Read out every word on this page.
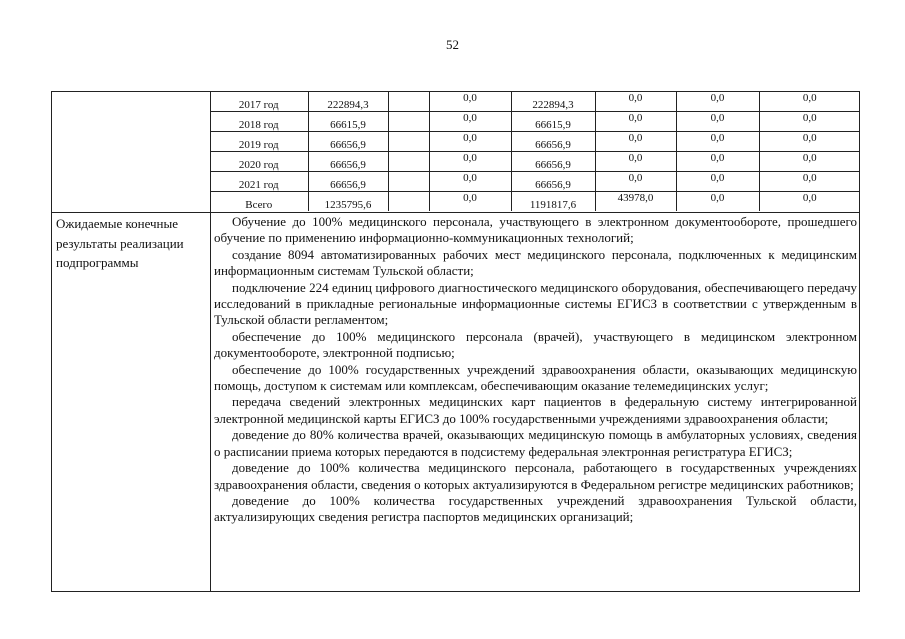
52
2017 год	222894,3		0,0	222894,3	0,0	0,0	0,0
2018 год	66615,9		0,0	66615,9	0,0	0,0	0,0
2019 год	66656,9		0,0	66656,9	0,0	0,0	0,0
2020 год	66656,9		0,0	66656,9	0,0	0,0	0,0
2021 год	66656,9		0,0	66656,9	0,0	0,0	0,0
Всего	1235795,6		0,0	1191817,6	43978,0	0,0	0,0
Ожидаемые конечные результаты реализации подпрограммы

Обучение до 100% медицинского персонала, участвующего в электронном документообороте, прошедшего обучение по применению информационно-коммуникационных технологий;

создание 8094 автоматизированных рабочих мест медицинского персонала, подключенных к медицинским информационным системам Тульской области;

подключение 224 единиц цифрового диагностического медицинского оборудования, обеспечивающего передачу исследований в прикладные региональные информационные системы ЕГИСЗ в соответствии с утвержденным в Тульской области регламентом;

обеспечение до 100% медицинского персонала (врачей), участвующего в медицинском электронном документообороте, электронной подписью;

обеспечение до 100% государственных учреждений здравоохранения области, оказывающих медицинскую помощь, доступом к системам или комплексам, обеспечивающим оказание телемедицинских услуг;

передача сведений электронных медицинских карт пациентов в федеральную систему интегрированной электронной медицинской карты ЕГИСЗ до 100% государственными учреждениями здравоохранения области;

доведение до 80% количества врачей, оказывающих медицинскую помощь в амбулаторных условиях, сведения о расписании приема которых передаются в подсистему федеральная электронная регистратура ЕГИСЗ;

доведение до 100% количества медицинского персонала, работающего в государственных учреждениях здравоохранения области, сведения о которых актуализируются в Федеральном регистре медицинских работников;

доведение до 100% количества государственных учреждений здравоохранения Тульской области, актуализирующих сведения регистра паспортов медицинских организаций;
